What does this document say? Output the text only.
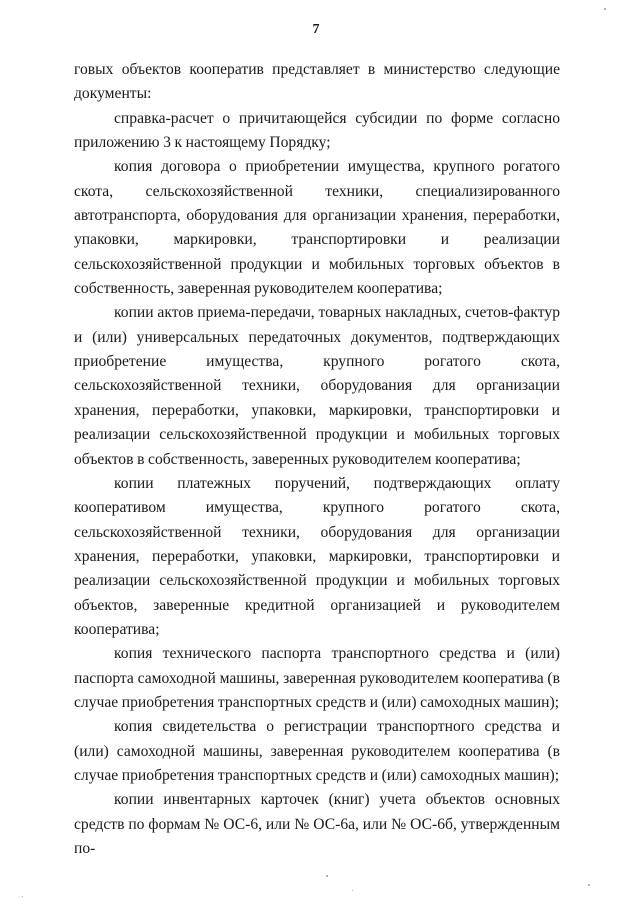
7

говых объектов кооператив представляет в министерство следующие документы:

справка-расчет о причитающейся субсидии по форме согласно приложению 3 к настоящему Порядку;

копия договора о приобретении имущества, крупного рогатого скота, сельскохозяйственной техники, специализированного автотранспорта, оборудования для организации хранения, переработки, упаковки, маркировки, транспортировки и реализации сельскохозяйственной продукции и мобильных торговых объектов в собственность, заверенная руководителем кооператива;

копии актов приема-передачи, товарных накладных, счетов-фактур и (или) универсальных передаточных документов, подтверждающих приобретение имущества, крупного рогатого скота, сельскохозяйственной техники, оборудования для организации хранения, переработки, упаковки, маркировки, транспортировки и реализации сельскохозяйственной продукции и мобильных торговых объектов в собственность, заверенных руководителем кооператива;

копии платежных поручений, подтверждающих оплату кооперативом имущества, крупного рогатого скота, сельскохозяйственной техники, оборудования для организации хранения, переработки, упаковки, маркировки, транспортировки и реализации сельскохозяйственной продукции и мобильных торговых объектов, заверенные кредитной организацией и руководителем кооператива;

копия технического паспорта транспортного средства и (или) паспорта самоходной машины, заверенная руководителем кооператива (в случае приобретения транспортных средств и (или) самоходных машин);

копия свидетельства о регистрации транспортного средства и (или) самоходной машины, заверенная руководителем кооператива (в случае приобретения транспортных средств и (или) самоходных машин);

копии инвентарных карточек (книг) учета объектов основных средств по формам № ОС-6, или № ОС-6а, или № ОС-6б, утвержденным по-
